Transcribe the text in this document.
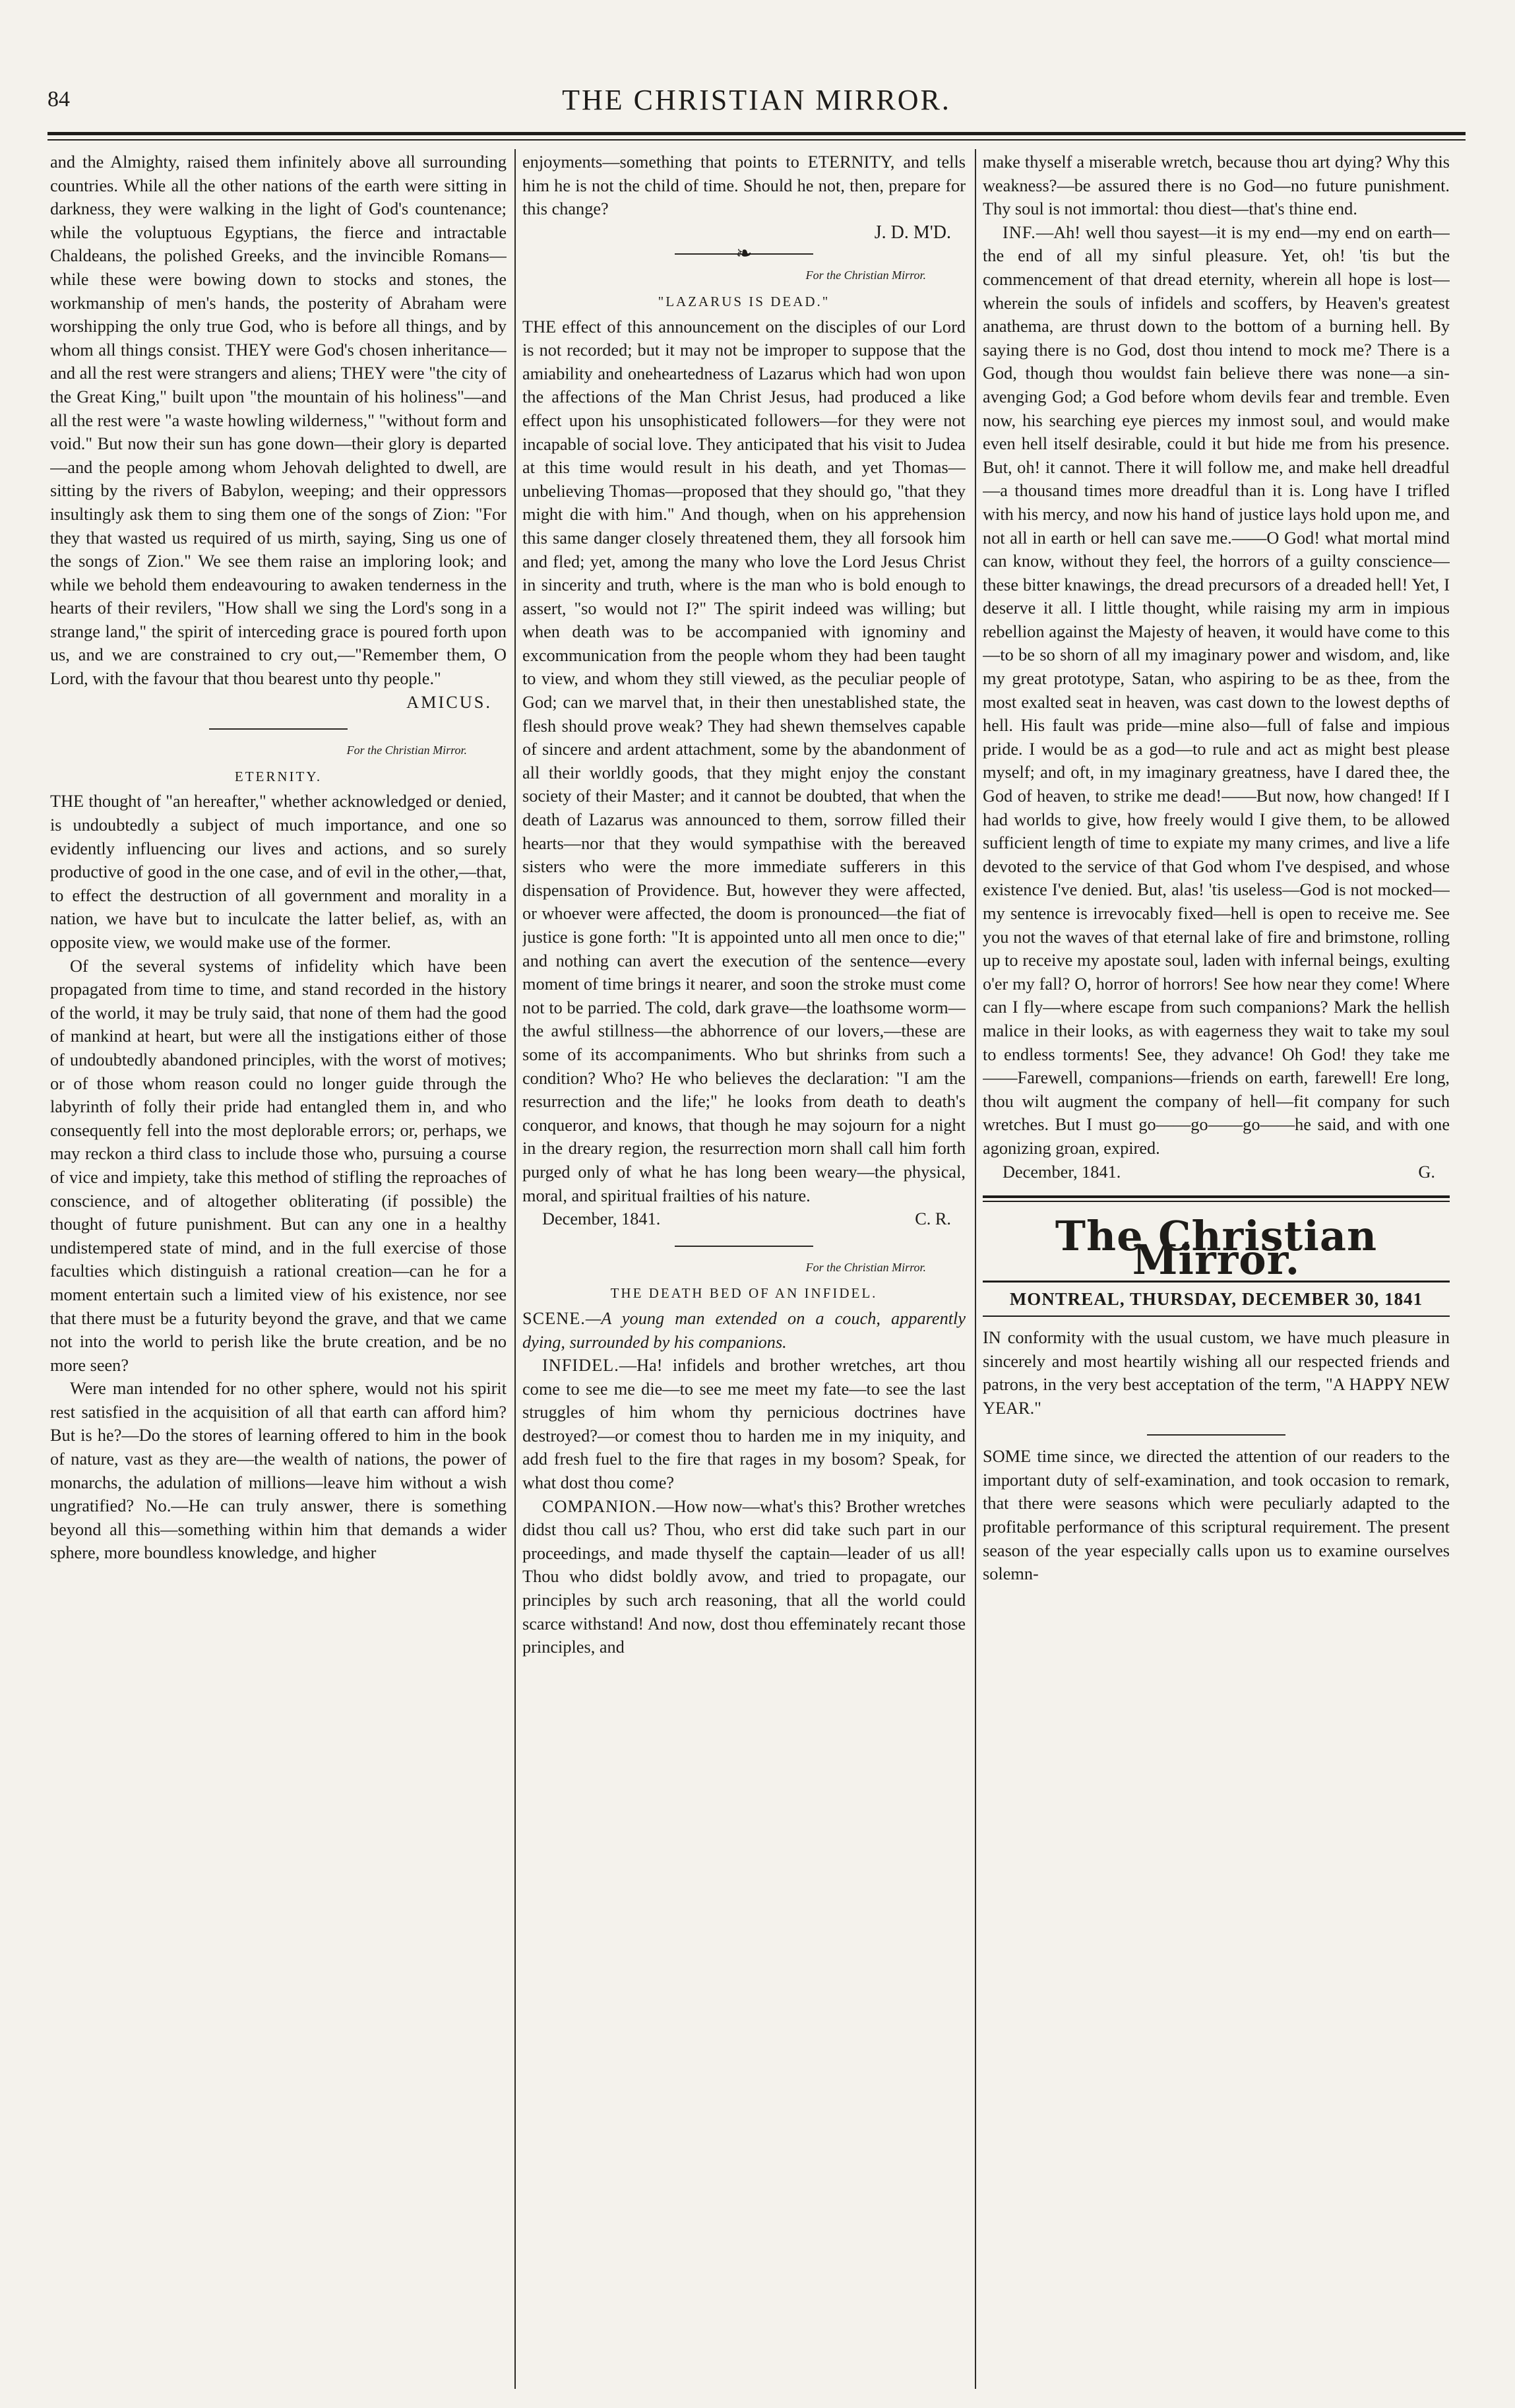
84	THE CHRISTIAN MIRROR.

and the Almighty, raised them infinitely above all surrounding countries. While all the other nations of the earth were sitting in darkness, they were walking in the light of God's countenance; while the voluptuous Egyptians, the fierce and intractable Chaldeans, the polished Greeks, and the invincible Romans—while these were bowing down to stocks and stones, the workmanship of men's hands, the posterity of Abraham were worshipping the only true God, who is before all things, and by whom all things consist. THEY were God's chosen inheritance—and all the rest were strangers and aliens; THEY were "the city of the Great King," built upon "the mountain of his holiness"—and all the rest were "a waste howling wilderness," "without form and void." But now their sun has gone down—their glory is departed—and the people among whom Jehovah delighted to dwell, are sitting by the rivers of Babylon, weeping; and their oppressors insultingly ask them to sing them one of the songs of Zion: "For they that wasted us required of us mirth, saying, Sing us one of the songs of Zion." We see them raise an imploring look; and while we behold them endeavouring to awaken tenderness in the hearts of their revilers, "How shall we sing the Lord's song in a strange land," the spirit of interceding grace is poured forth upon us, and we are constrained to cry out,—"Remember them, O Lord, with the favour that thou bearest unto thy people."

AMICUS.

For the Christian Mirror.

ETERNITY.

THE thought of "an hereafter," whether acknowledged or denied, is undoubtedly a subject of much importance, and one so evidently influencing our lives and actions, and so surely productive of good in the one case, and of evil in the other,—that, to effect the destruction of all government and morality in a nation, we have but to inculcate the latter belief, as, with an opposite view, we would make use of the former.

Of the several systems of infidelity which have been propagated from time to time, and stand recorded in the history of the world, it may be truly said, that none of them had the good of mankind at heart, but were all the instigations either of those of undoubtedly abandoned principles, with the worst of motives; or of those whom reason could no longer guide through the labyrinth of folly their pride had entangled them in, and who consequently fell into the most deplorable errors; or, perhaps, we may reckon a third class to include those who, pursuing a course of vice and impiety, take this method of stifling the reproaches of conscience, and of altogether obliterating (if possible) the thought of future punishment. But can any one in a healthy undistempered state of mind, and in the full exercise of those faculties which distinguish a rational creation—can he for a moment entertain such a limited view of his existence, nor see that there must be a futurity beyond the grave, and that we came not into the world to perish like the brute creation, and be no more seen?

Were man intended for no other sphere, would not his spirit rest satisfied in the acquisition of all that earth can afford him? But is he?—Do the stores of learning offered to him in the book of nature, vast as they are—the wealth of nations, the power of monarchs, the adulation of millions—leave him without a wish ungratified? No.—He can truly answer, there is something beyond all this—something within him that demands a wider sphere, more boundless knowledge, and higher

enjoyments—something that points to ETERNITY, and tells him he is not the child of time. Should he not, then, prepare for this change?

J. D. M'D.

❧

For the Christian Mirror.

"LAZARUS IS DEAD."

THE effect of this announcement on the disciples of our Lord is not recorded; but it may not be improper to suppose that the amiability and oneheartedness of Lazarus which had won upon the affections of the Man Christ Jesus, had produced a like effect upon his unsophisticated followers—for they were not incapable of social love. They anticipated that his visit to Judea at this time would result in his death, and yet Thomas—unbelieving Thomas—proposed that they should go, "that they might die with him." And though, when on his apprehension this same danger closely threatened them, they all forsook him and fled; yet, among the many who love the Lord Jesus Christ in sincerity and truth, where is the man who is bold enough to assert, "so would not I?" The spirit indeed was willing; but when death was to be accompanied with ignominy and excommunication from the people whom they had been taught to view, and whom they still viewed, as the peculiar people of God; can we marvel that, in their then unestablished state, the flesh should prove weak? They had shewn themselves capable of sincere and ardent attachment, some by the abandonment of all their worldly goods, that they might enjoy the constant society of their Master; and it cannot be doubted, that when the death of Lazarus was announced to them, sorrow filled their hearts—nor that they would sympathise with the bereaved sisters who were the more immediate sufferers in this dispensation of Providence. But, however they were affected, or whoever were affected, the doom is pronounced—the fiat of justice is gone forth: "It is appointed unto all men once to die;" and nothing can avert the execution of the sentence—every moment of time brings it nearer, and soon the stroke must come not to be parried. The cold, dark grave—the loathsome worm—the awful stillness—the abhorrence of our lovers,—these are some of its accompaniments. Who but shrinks from such a condition? Who? He who believes the declaration: "I am the resurrection and the life;" he looks from death to death's conqueror, and knows, that though he may sojourn for a night in the dreary region, the resurrection morn shall call him forth purged only of what he has long been weary—the physical, moral, and spiritual frailties of his nature.

December, 1841.	C. R.

For the Christian Mirror.

THE DEATH BED OF AN INFIDEL.

SCENE.—A young man extended on a couch, apparently dying, surrounded by his companions.

INFIDEL.—Ha! infidels and brother wretches, art thou come to see me die—to see me meet my fate—to see the last struggles of him whom thy pernicious doctrines have destroyed?—or comest thou to harden me in my iniquity, and add fresh fuel to the fire that rages in my bosom? Speak, for what dost thou come?

COMPANION.—How now—what's this? Brother wretches didst thou call us? Thou, who erst did take such part in our proceedings, and made thyself the captain—leader of us all! Thou who didst boldly avow, and tried to propagate, our principles by such arch reasoning, that all the world could scarce withstand! And now, dost thou effeminately recant those principles, and

make thyself a miserable wretch, because thou art dying? Why this weakness?—be assured there is no God—no future punishment. Thy soul is not immortal: thou diest—that's thine end.

INF.—Ah! well thou sayest—it is my end—my end on earth—the end of all my sinful pleasure. Yet, oh! 'tis but the commencement of that dread eternity, wherein all hope is lost—wherein the souls of infidels and scoffers, by Heaven's greatest anathema, are thrust down to the bottom of a burning hell. By saying there is no God, dost thou intend to mock me? There is a God, though thou wouldst fain believe there was none—a sin-avenging God; a God before whom devils fear and tremble. Even now, his searching eye pierces my inmost soul, and would make even hell itself desirable, could it but hide me from his presence. But, oh! it cannot. There it will follow me, and make hell dreadful—a thousand times more dreadful than it is. Long have I trifled with his mercy, and now his hand of justice lays hold upon me, and not all in earth or hell can save me.——O God! what mortal mind can know, without they feel, the horrors of a guilty conscience—these bitter knawings, the dread precursors of a dreaded hell! Yet, I deserve it all. I little thought, while raising my arm in impious rebellion against the Majesty of heaven, it would have come to this—to be so shorn of all my imaginary power and wisdom, and, like my great prototype, Satan, who aspiring to be as thee, from the most exalted seat in heaven, was cast down to the lowest depths of hell. His fault was pride—mine also—full of false and impious pride. I would be as a god—to rule and act as might best please myself; and oft, in my imaginary greatness, have I dared thee, the God of heaven, to strike me dead!——But now, how changed! If I had worlds to give, how freely would I give them, to be allowed sufficient length of time to expiate my many crimes, and live a life devoted to the service of that God whom I've despised, and whose existence I've denied. But, alas! 'tis useless—God is not mocked—my sentence is irrevocably fixed—hell is open to receive me. See you not the waves of that eternal lake of fire and brimstone, rolling up to receive my apostate soul, laden with infernal beings, exulting o'er my fall? O, horror of horrors! See how near they come! Where can I fly—where escape from such companions? Mark the hellish malice in their looks, as with eagerness they wait to take my soul to endless torments! See, they advance! Oh God! they take me——Farewell, companions—friends on earth, farewell! Ere long, thou wilt augment the company of hell—fit company for such wretches. But I must go——go——go——he said, and with one agonizing groan, expired.

December, 1841.	G.
The Christian Mirror.
MONTREAL, THURSDAY, DECEMBER 30, 1841

IN conformity with the usual custom, we have much pleasure in sincerely and most heartily wishing all our respected friends and patrons, in the very best acceptation of the term, "A HAPPY NEW YEAR."

SOME time since, we directed the attention of our readers to the important duty of self-examination, and took occasion to remark, that there were seasons which were peculiarly adapted to the profitable performance of this scriptural requirement. The present season of the year especially calls upon us to examine ourselves solemn-
